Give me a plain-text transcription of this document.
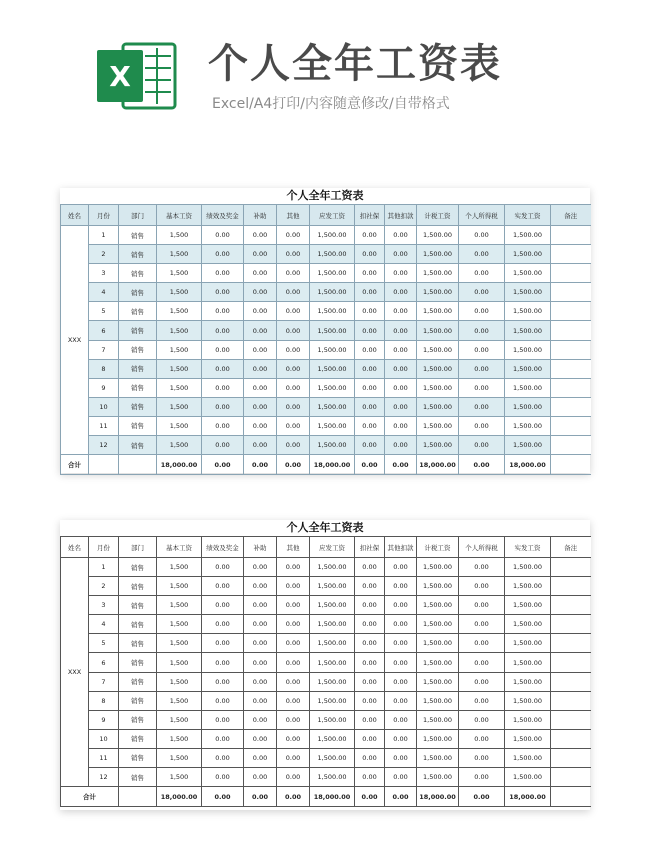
X 个人全年工资表
Excel/A4打印/内容随意修改/自带格式
个人全年工资表
姓名	月份	部门	基本工资	绩效及奖金	补助	其他	应发工资	扣社保	其他扣款	计税工资	个人所得税	实发工资	备注
XXX	1	销售	1,500	0.00	0.00	0.00	1,500.00	0.00	0.00	1,500.00	0.00	1,500.00	
	2	销售	1,500	0.00	0.00	0.00	1,500.00	0.00	0.00	1,500.00	0.00	1,500.00	
	3	销售	1,500	0.00	0.00	0.00	1,500.00	0.00	0.00	1,500.00	0.00	1,500.00	
	4	销售	1,500	0.00	0.00	0.00	1,500.00	0.00	0.00	1,500.00	0.00	1,500.00	
	5	销售	1,500	0.00	0.00	0.00	1,500.00	0.00	0.00	1,500.00	0.00	1,500.00	
	6	销售	1,500	0.00	0.00	0.00	1,500.00	0.00	0.00	1,500.00	0.00	1,500.00	
	7	销售	1,500	0.00	0.00	0.00	1,500.00	0.00	0.00	1,500.00	0.00	1,500.00	
	8	销售	1,500	0.00	0.00	0.00	1,500.00	0.00	0.00	1,500.00	0.00	1,500.00	
	9	销售	1,500	0.00	0.00	0.00	1,500.00	0.00	0.00	1,500.00	0.00	1,500.00	
	10	销售	1,500	0.00	0.00	0.00	1,500.00	0.00	0.00	1,500.00	0.00	1,500.00	
	11	销售	1,500	0.00	0.00	0.00	1,500.00	0.00	0.00	1,500.00	0.00	1,500.00	
	12	销售	1,500	0.00	0.00	0.00	1,500.00	0.00	0.00	1,500.00	0.00	1,500.00	
合计			18,000.00	0.00	0.00	0.00	18,000.00	0.00	0.00	18,000.00	0.00	18,000.00	
个人全年工资表
姓名	月份	部门	基本工资	绩效及奖金	补助	其他	应发工资	扣社保	其他扣款	计税工资	个人所得税	实发工资	备注
XXX	1	销售	1,500	0.00	0.00	0.00	1,500.00	0.00	0.00	1,500.00	0.00	1,500.00	
	2	销售	1,500	0.00	0.00	0.00	1,500.00	0.00	0.00	1,500.00	0.00	1,500.00	
	3	销售	1,500	0.00	0.00	0.00	1,500.00	0.00	0.00	1,500.00	0.00	1,500.00	
	4	销售	1,500	0.00	0.00	0.00	1,500.00	0.00	0.00	1,500.00	0.00	1,500.00	
	5	销售	1,500	0.00	0.00	0.00	1,500.00	0.00	0.00	1,500.00	0.00	1,500.00	
	6	销售	1,500	0.00	0.00	0.00	1,500.00	0.00	0.00	1,500.00	0.00	1,500.00	
	7	销售	1,500	0.00	0.00	0.00	1,500.00	0.00	0.00	1,500.00	0.00	1,500.00	
	8	销售	1,500	0.00	0.00	0.00	1,500.00	0.00	0.00	1,500.00	0.00	1,500.00	
	9	销售	1,500	0.00	0.00	0.00	1,500.00	0.00	0.00	1,500.00	0.00	1,500.00	
	10	销售	1,500	0.00	0.00	0.00	1,500.00	0.00	0.00	1,500.00	0.00	1,500.00	
	11	销售	1,500	0.00	0.00	0.00	1,500.00	0.00	0.00	1,500.00	0.00	1,500.00	
	12	销售	1,500	0.00	0.00	0.00	1,500.00	0.00	0.00	1,500.00	0.00	1,500.00	
合计			18,000.00	0.00	0.00	0.00	18,000.00	0.00	0.00	18,000.00	0.00	18,000.00	
